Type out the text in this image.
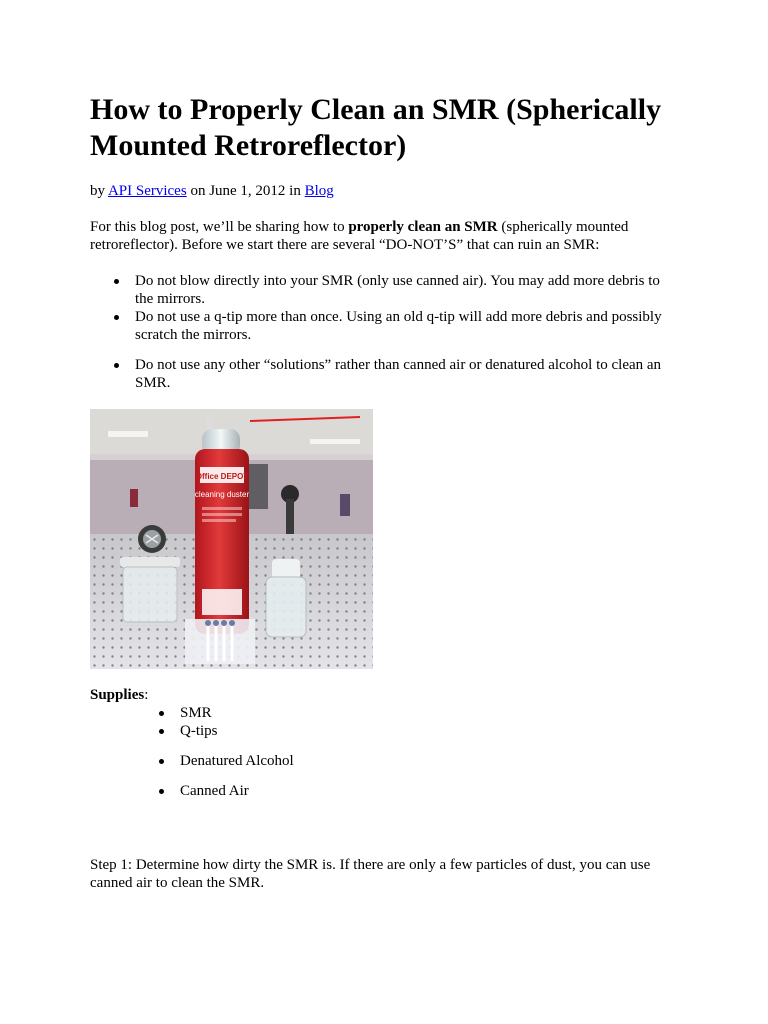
How to Properly Clean an SMR (Spherically Mounted Retroreflector)
by API Services on June 1, 2012 in Blog

For this blog post, we’ll be sharing how to properly clean an SMR (spherically mounted retroreflector). Before we start there are several “DO-NOT’S” that can ruin an SMR:

Do not blow directly into your SMR (only use canned air). You may add more debris to the mirrors.
Do not use a q-tip more than once. Using an old q-tip will add more debris and possibly scratch the mirrors.
Do not use any other “solutions” rather than canned air or denatured alcohol to clean an SMR.
Office DEPOT
cleaning duster
Supplies:
SMR
Q-tips
Denatured Alcohol
Canned Air

Step 1: Determine how dirty the SMR is. If there are only a few particles of dust, you can use canned air to clean the SMR.
